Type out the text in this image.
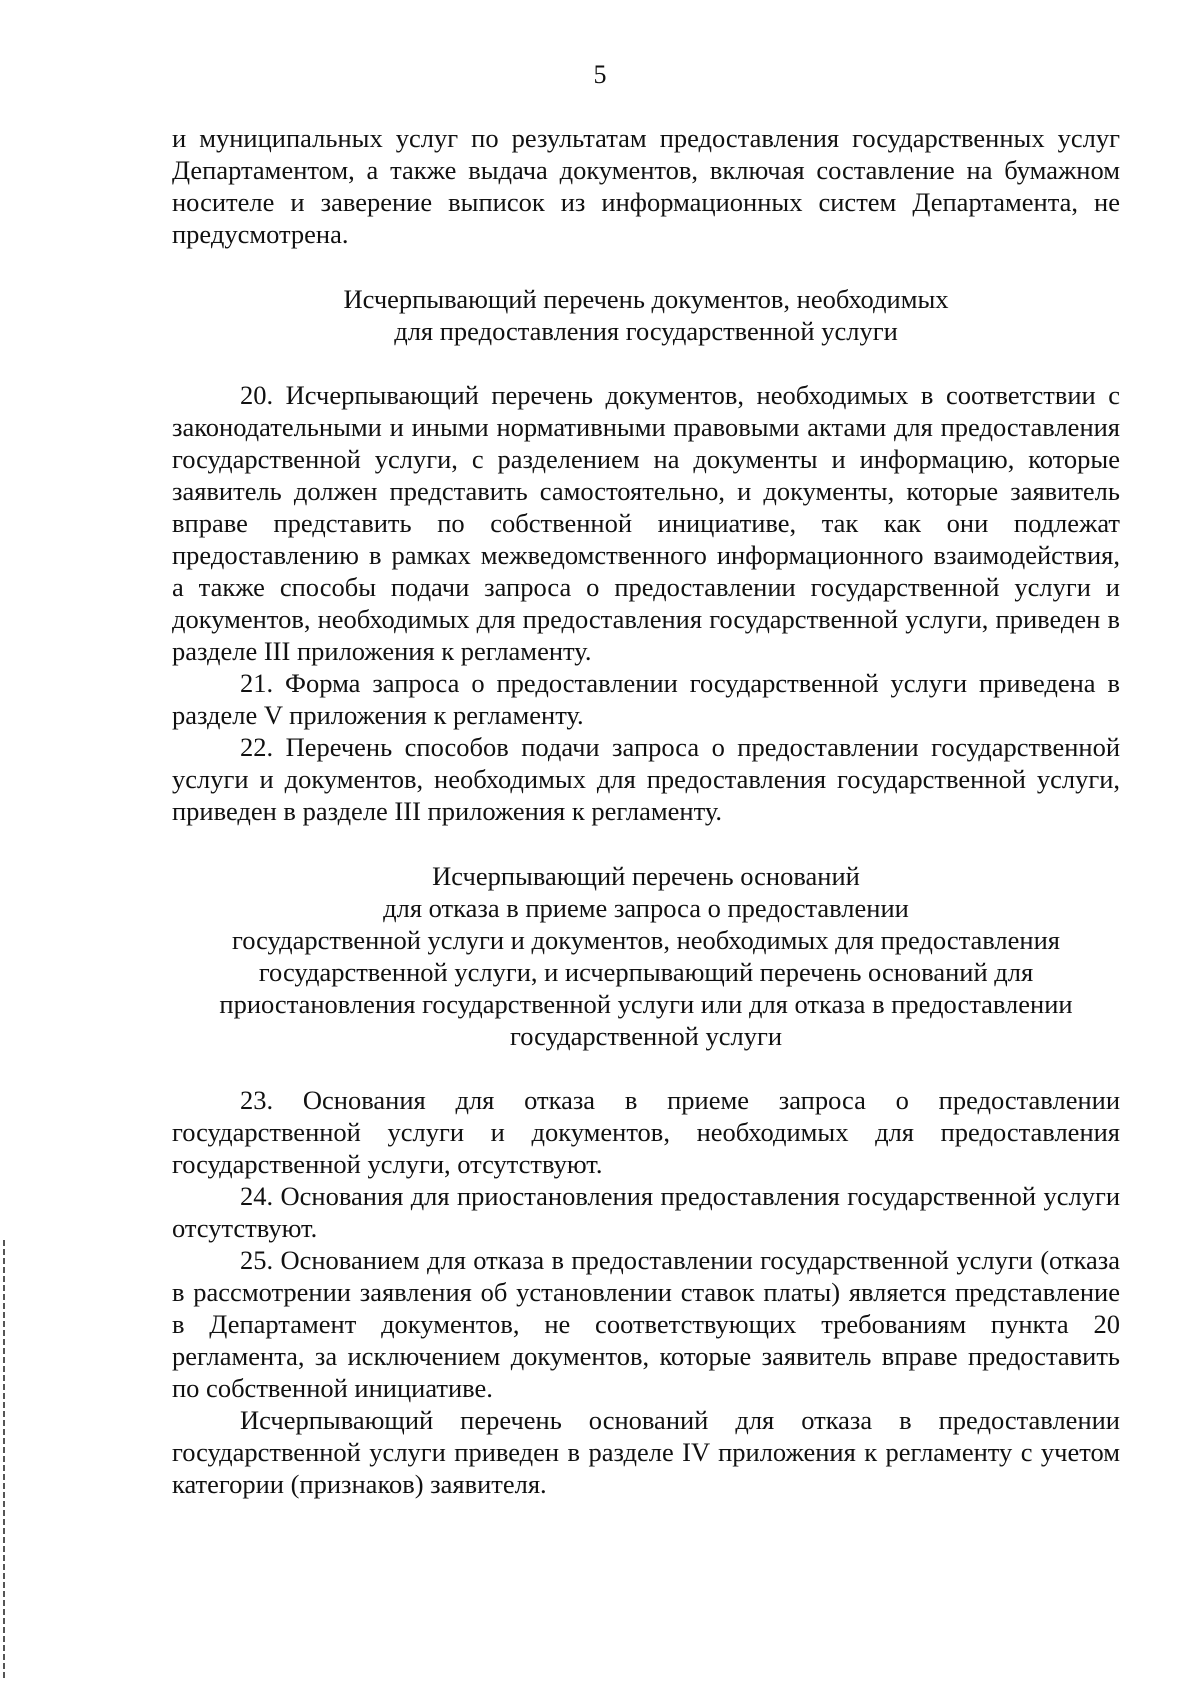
5

и муниципальных услуг по результатам предоставления государственных услуг Департаментом, а также выдача документов, включая составление на бумажном носителе и заверение выписок из информационных систем Департамента, не предусмотрена.

Исчерпывающий перечень документов, необходимых

для предоставления государственной услуги

20. Исчерпывающий перечень документов, необходимых в соответствии с законодательными и иными нормативными правовыми актами для предоставления государственной услуги, с разделением на документы и информацию, которые заявитель должен представить самостоятельно, и документы, которые заявитель вправе представить по собственной инициативе, так как они подлежат предоставлению в рамках межведомственного информационного взаимодействия, а также способы подачи запроса о предоставлении государственной услуги и документов, необходимых для предоставления государственной услуги, приведен в разделе III приложения к регламенту.

21. Форма запроса о предоставлении государственной услуги приведена в разделе V приложения к регламенту.

22. Перечень способов подачи запроса о предоставлении государственной услуги и документов, необходимых для предоставления государственной услуги, приведен в разделе III приложения к регламенту.

Исчерпывающий перечень оснований

для отказа в приеме запроса о предоставлении

государственной услуги и документов, необходимых для предоставления

государственной услуги, и исчерпывающий перечень оснований для

приостановления государственной услуги или для отказа в предоставлении

государственной услуги

23. Основания для отказа в приеме запроса о предоставлении государственной услуги и документов, необходимых для предоставления государственной услуги, отсутствуют.

24. Основания для приостановления предоставления государственной услуги отсутствуют.

25. Основанием для отказа в предоставлении государственной услуги (отказа в рассмотрении заявления об установлении ставок платы) является представление в Департамент документов, не соответствующих требованиям пункта 20 регламента, за исключением документов, которые заявитель вправе предоставить по собственной инициативе.

Исчерпывающий перечень оснований для отказа в предоставлении государственной услуги приведен в разделе IV приложения к регламенту с учетом категории (признаков) заявителя.
